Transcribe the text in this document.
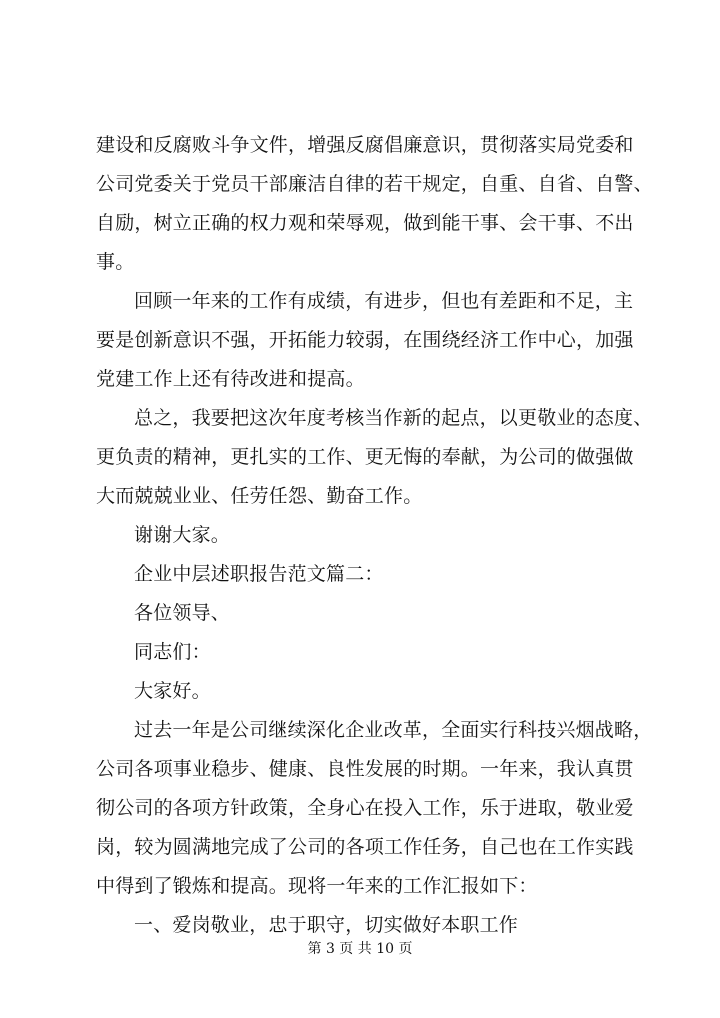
建设和反腐败斗争文件，增强反腐倡廉意识，贯彻落实局党委和
公司党委关于党员干部廉洁自律的若干规定，自重、自省、自警、
自励，树立正确的权力观和荣辱观，做到能干事、会干事、不出
事。
回顾一年来的工作有成绩，有进步，但也有差距和不足，主
要是创新意识不强，开拓能力较弱，在围绕经济工作中心，加强
党建工作上还有待改进和提高。
总之，我要把这次年度考核当作新的起点，以更敬业的态度、
更负责的精神，更扎实的工作、更无悔的奉献，为公司的做强做
大而兢兢业业、任劳任怨、勤奋工作。
谢谢大家。
企业中层述职报告范文篇二：
各位领导、
同志们：
大家好。
过去一年是公司继续深化企业改革，全面实行科技兴烟战略，
公司各项事业稳步、健康、良性发展的时期。一年来，我认真贯
彻公司的各项方针政策，全身心在投入工作，乐于进取，敬业爱
岗，较为圆满地完成了公司的各项工作任务，自己也在工作实践
中得到了锻炼和提高。现将一年来的工作汇报如下：
一、爱岗敬业，忠于职守，切实做好本职工作
第 3 页 共 10 页
